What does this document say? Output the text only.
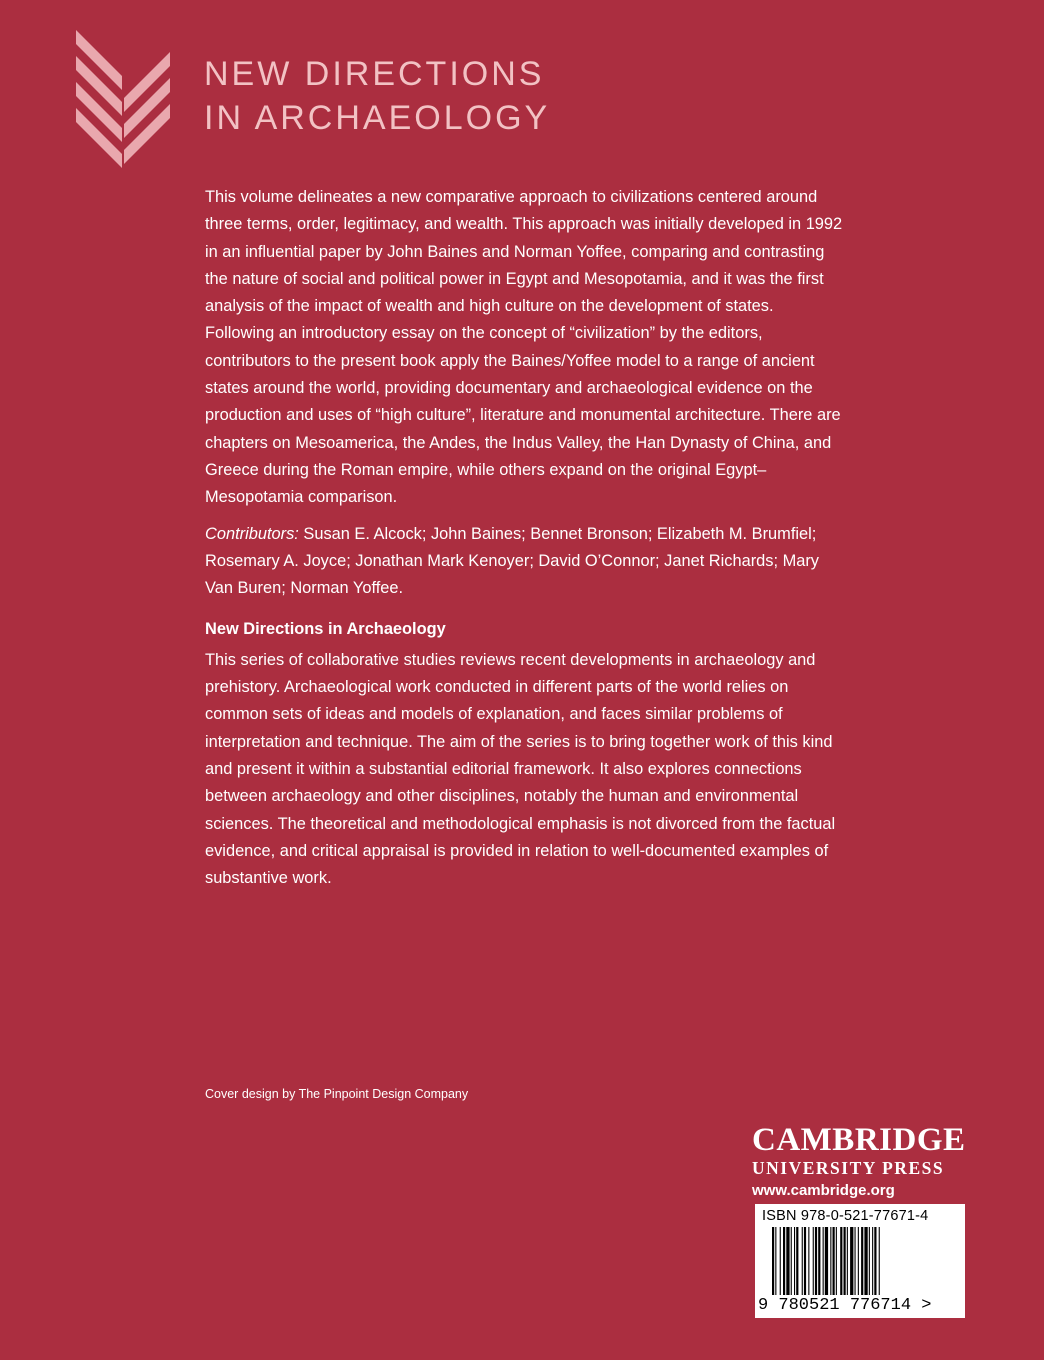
NEW DIRECTIONS
IN ARCHAEOLOGY

This volume delineates a new comparative approach to civilizations centered around three terms, order, legitimacy, and wealth. This approach was initially developed in 1992 in an influential paper by John Baines and Norman Yoffee, comparing and contrasting the nature of social and political power in Egypt and Mesopotamia, and it was the first analysis of the impact of wealth and high culture on the development of states. Following an introductory essay on the concept of “civilization” by the editors, contributors to the present book apply the Baines/Yoffee model to a range of ancient states around the world, providing documentary and archaeological evidence on the production and uses of “high culture”, literature and monumental architecture. There are chapters on Mesoamerica, the Andes, the Indus Valley, the Han Dynasty of China, and Greece during the Roman empire, while others expand on the original Egypt–Mesopotamia comparison.

Contributors: Susan E. Alcock; John Baines; Bennet Bronson; Elizabeth M. Brumfiel; Rosemary A. Joyce; Jonathan Mark Kenoyer; David O’Connor; Janet Richards; Mary Van Buren; Norman Yoffee.

New Directions in Archaeology

This series of collaborative studies reviews recent developments in archaeology and prehistory. Archaeological work conducted in different parts of the world relies on common sets of ideas and models of explanation, and faces similar problems of interpretation and technique. The aim of the series is to bring together work of this kind and present it within a substantial editorial framework. It also explores connections between archaeology and other disciplines, notably the human and environmental sciences. The theoretical and methodological emphasis is not divorced from the factual evidence, and critical appraisal is provided in relation to well-documented examples of substantive work.

Cover design by The Pinpoint Design Company
CAMBRIDGE
UNIVERSITY PRESS
www.cambridge.org
ISBN 978-0-521-77671-4
9 780521 776714 >
